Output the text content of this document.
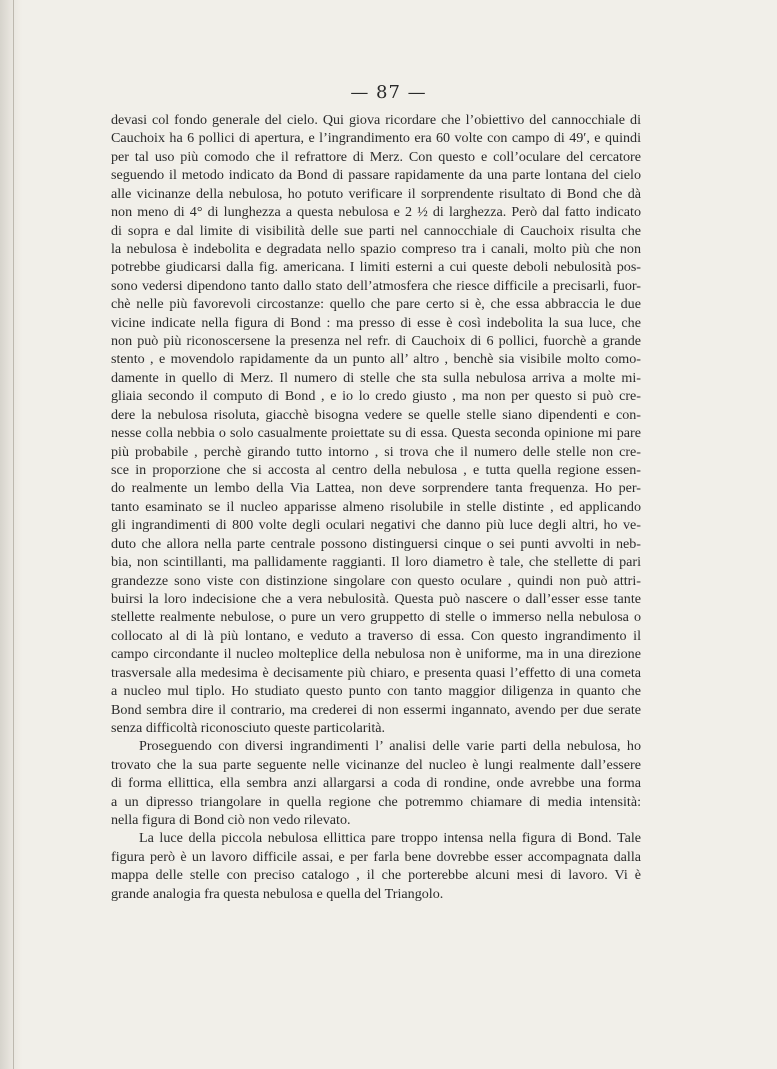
— 87 —

devasi col fondo generale del cielo. Qui giova ricordare che l’obiettivo del cannocchiale di

Cauchoix ha 6 pollici di apertura, e l’ingrandimento era 60 volte con campo di 49′, e quindi

per tal uso più comodo che il refrattore di Merz. Con questo e coll’oculare del cercatore

seguendo il metodo indicato da Bond di passare rapidamente da una parte lontana del cielo

alle vicinanze della nebulosa, ho potuto verificare il sorprendente risultato di Bond che dà

non meno di 4° di lunghezza a questa nebulosa e 2 ½ di larghezza. Però dal fatto indicato

di sopra e dal limite di visibilità delle sue parti nel cannocchiale di Cauchoix risulta che

la nebulosa è indebolita e degradata nello spazio compreso tra i canali, molto più che non

potrebbe giudicarsi dalla fig. americana. I limiti esterni a cui queste deboli nebulosità pos-

sono vedersi dipendono tanto dallo stato dell’atmosfera che riesce difficile a precisarli, fuor-

chè nelle più favorevoli circostanze: quello che pare certo si è, che essa abbraccia le due

vicine indicate nella figura di Bond : ma presso di esse è così indebolita la sua luce, che

non può più riconoscersene la presenza nel refr. di Cauchoix di 6 pollici, fuorchè a grande

stento , e movendolo rapidamente da un punto all’ altro , benchè sia visibile molto como-

damente in quello di Merz. Il numero di stelle che sta sulla nebulosa arriva a molte mi-

gliaia secondo il computo di Bond , e io lo credo giusto , ma non per questo si può cre-

dere la nebulosa risoluta, giacchè bisogna vedere se quelle stelle siano dipendenti e con-

nesse colla nebbia o solo casualmente proiettate su di essa. Questa seconda opinione mi pare

più probabile , perchè girando tutto intorno , si trova che il numero delle stelle non cre-

sce in proporzione che si accosta al centro della nebulosa , e tutta quella regione essen-

do realmente un lembo della Via Lattea, non deve sorprendere tanta frequenza. Ho per-

tanto esaminato se il nucleo apparisse almeno risolubile in stelle distinte , ed applicando

gli ingrandimenti di 800 volte degli oculari negativi che danno più luce degli altri, ho ve-

duto che allora nella parte centrale possono distinguersi cinque o sei punti avvolti in neb-

bia, non scintillanti, ma pallidamente raggianti. Il loro diametro è tale, che stellette di pari

grandezze sono viste con distinzione singolare con questo oculare , quindi non può attri-

buirsi la loro indecisione che a vera nebulosità. Questa può nascere o dall’esser esse tante

stellette realmente nebulose, o pure un vero gruppetto di stelle o immerso nella nebulosa o

collocato al di là più lontano, e veduto a traverso di essa. Con questo ingrandimento il

campo circondante il nucleo molteplice della nebulosa non è uniforme, ma in una direzione

trasversale alla medesima è decisamente più chiaro, e presenta quasi l’effetto di una cometa

a nucleo mul tiplo. Ho studiato questo punto con tanto maggior diligenza in quanto che

Bond sembra dire il contrario, ma crederei di non essermi ingannato, avendo per due serate

senza difficoltà riconosciuto queste particolarità.

Proseguendo con diversi ingrandimenti l’ analisi delle varie parti della nebulosa, ho

trovato che la sua parte seguente nelle vicinanze del nucleo è lungi realmente dall’essere

di forma ellittica, ella sembra anzi allargarsi a coda di rondine, onde avrebbe una forma

a un dipresso triangolare in quella regione che potremmo chiamare di media intensità:

nella figura di Bond ciò non vedo rilevato.

La luce della piccola nebulosa ellittica pare troppo intensa nella figura di Bond. Tale

figura però è un lavoro difficile assai, e per farla bene dovrebbe esser accompagnata dalla

mappa delle stelle con preciso catalogo , il che porterebbe alcuni mesi di lavoro. Vi è

grande analogia fra questa nebulosa e quella del Triangolo.
